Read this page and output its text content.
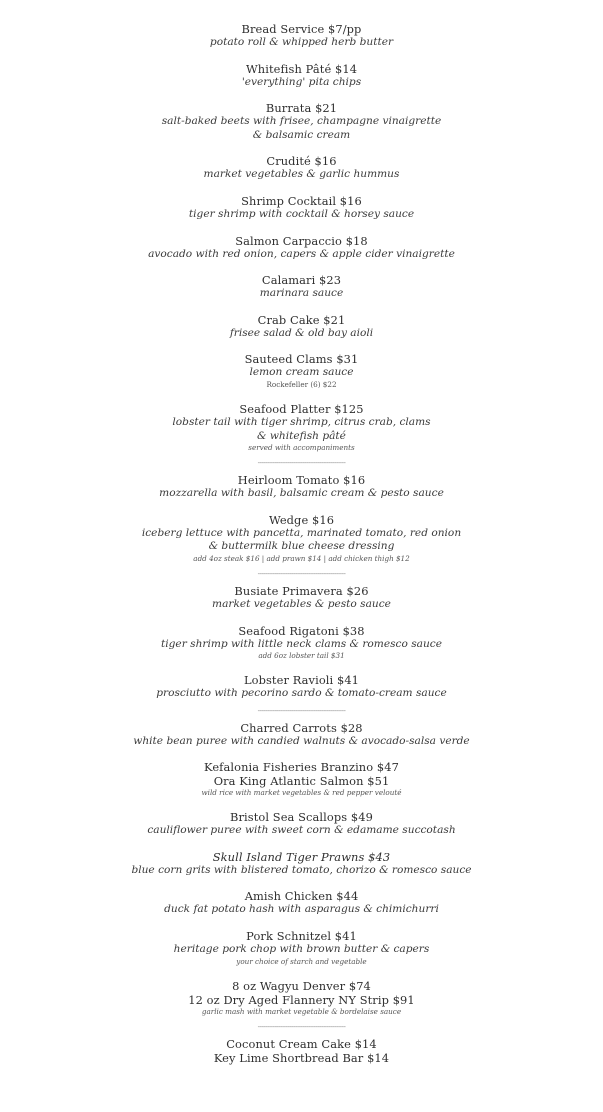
Bread Service $7/pp
potato roll & whipped herb butter
Whitefish Pâté $14
'everything' pita chips
Burrata $21
salt-baked beets with frisee, champagne vinaigrette
& balsamic cream
Crudité $16
market vegetables & garlic hummus
Shrimp Cocktail $16
tiger shrimp with cocktail & horsey sauce
Salmon Carpaccio $18
avocado with red onion, capers & apple cider vinaigrette
Calamari $23
marinara sauce
Crab Cake $21
frisee salad & old bay aioli
Sauteed Clams $31
lemon cream sauce
Rockefeller (6) $22
Seafood Platter $125
lobster tail with tiger shrimp, citrus crab, clams
& whitefish pâté
served with accompaniments
-----------------------------------------------
Heirloom Tomato $16
mozzarella with basil, balsamic cream & pesto sauce
Wedge $16
iceberg lettuce with pancetta, marinated tomato, red onion
& buttermilk blue cheese dressing
add 4oz steak $16 | add prawn $14 | add chicken thigh $12
-----------------------------------------------
Busiate Primavera $26
market vegetables & pesto sauce
Seafood Rigatoni $38
tiger shrimp with little neck clams & romesco sauce
add 6oz lobster tail $31
Lobster Ravioli $41
prosciutto with pecorino sardo & tomato-cream sauce
-----------------------------------------------
Charred Carrots $28
white bean puree with candied walnuts & avocado-salsa verde
Kefalonia Fisheries Branzino $47
Ora King Atlantic Salmon $51
wild rice with market vegetables & red pepper velouté
Bristol Sea Scallops $49
cauliflower puree with sweet corn & edamame succotash
Skull Island Tiger Prawns $43
blue corn grits with blistered tomato, chorizo & romesco sauce
Amish Chicken $44
duck fat potato hash with asparagus & chimichurri
Pork Schnitzel $41
heritage pork chop with brown butter & capers
your choice of starch and vegetable
8 oz Wagyu Denver $74
12 oz Dry Aged Flannery NY Strip $91
garlic mash with market vegetable & bordelaise sauce
-----------------------------------------------
Coconut Cream Cake $14
Key Lime Shortbread Bar $14
